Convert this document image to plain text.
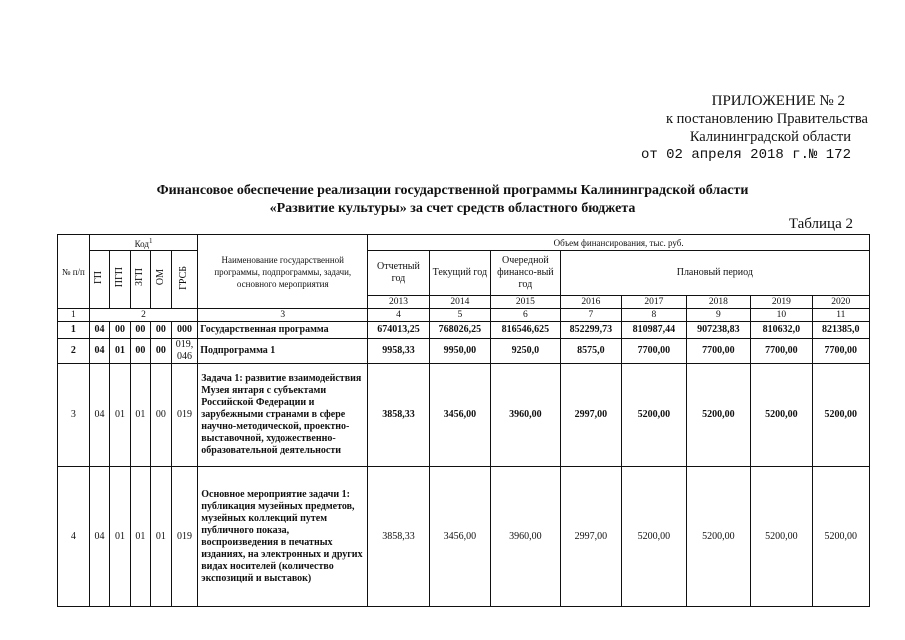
ПРИЛОЖЕНИЕ № 2
к постановлению Правительства
Калининградской области
от 02 апреля 2018 г.№ 172
Финансовое обеспечение реализации государственной программы Калининградской области
«Развитие культуры» за счет средств областного бюджета
Таблица 2
№ п/п	Код$^1$					Наименование государственной программы, подпрограммы, задачи, основного мероприятия	Объем финансирования, тыс. руб.							
	ГП	ПГП	ЗГП	ОМ	ГРСБ		Отчетный год	Текущий год	Очередной финансо-вый год	Плановый период				
							2013	2014	2015	2016	2017	2018	2019	2020
1	2					3	4	5	6	7	8	9	10	11
1	04	00	00	00	000	Государственная программа	674013,25	768026,25	816546,625	852299,73	810987,44	907238,83	810632,0	821385,0
2	04	01	00	00	019, 046	Подпрограмма 1	9958,33	9950,00	9250,0	8575,0	7700,00	7700,00	7700,00	7700,00
3	04	01	01	00	019	Задача 1: развитие взаимодействия Музея янтаря с субъектами Российской Федерации и зарубежными странами в сфере научно-методической, проектно-выставочной, художественно-образовательной деятельности	3858,33	3456,00	3960,00	2997,00	5200,00	5200,00	5200,00	5200,00
4	04	01	01	01	019	Основное мероприятие задачи 1: публикация музейных предметов, музейных коллекций путем публичного показа, воспроизведения в печатных изданиях, на электронных и других видах носителей (количество экспозиций и выставок)	3858,33	3456,00	3960,00	2997,00	5200,00	5200,00	5200,00	5200,00
